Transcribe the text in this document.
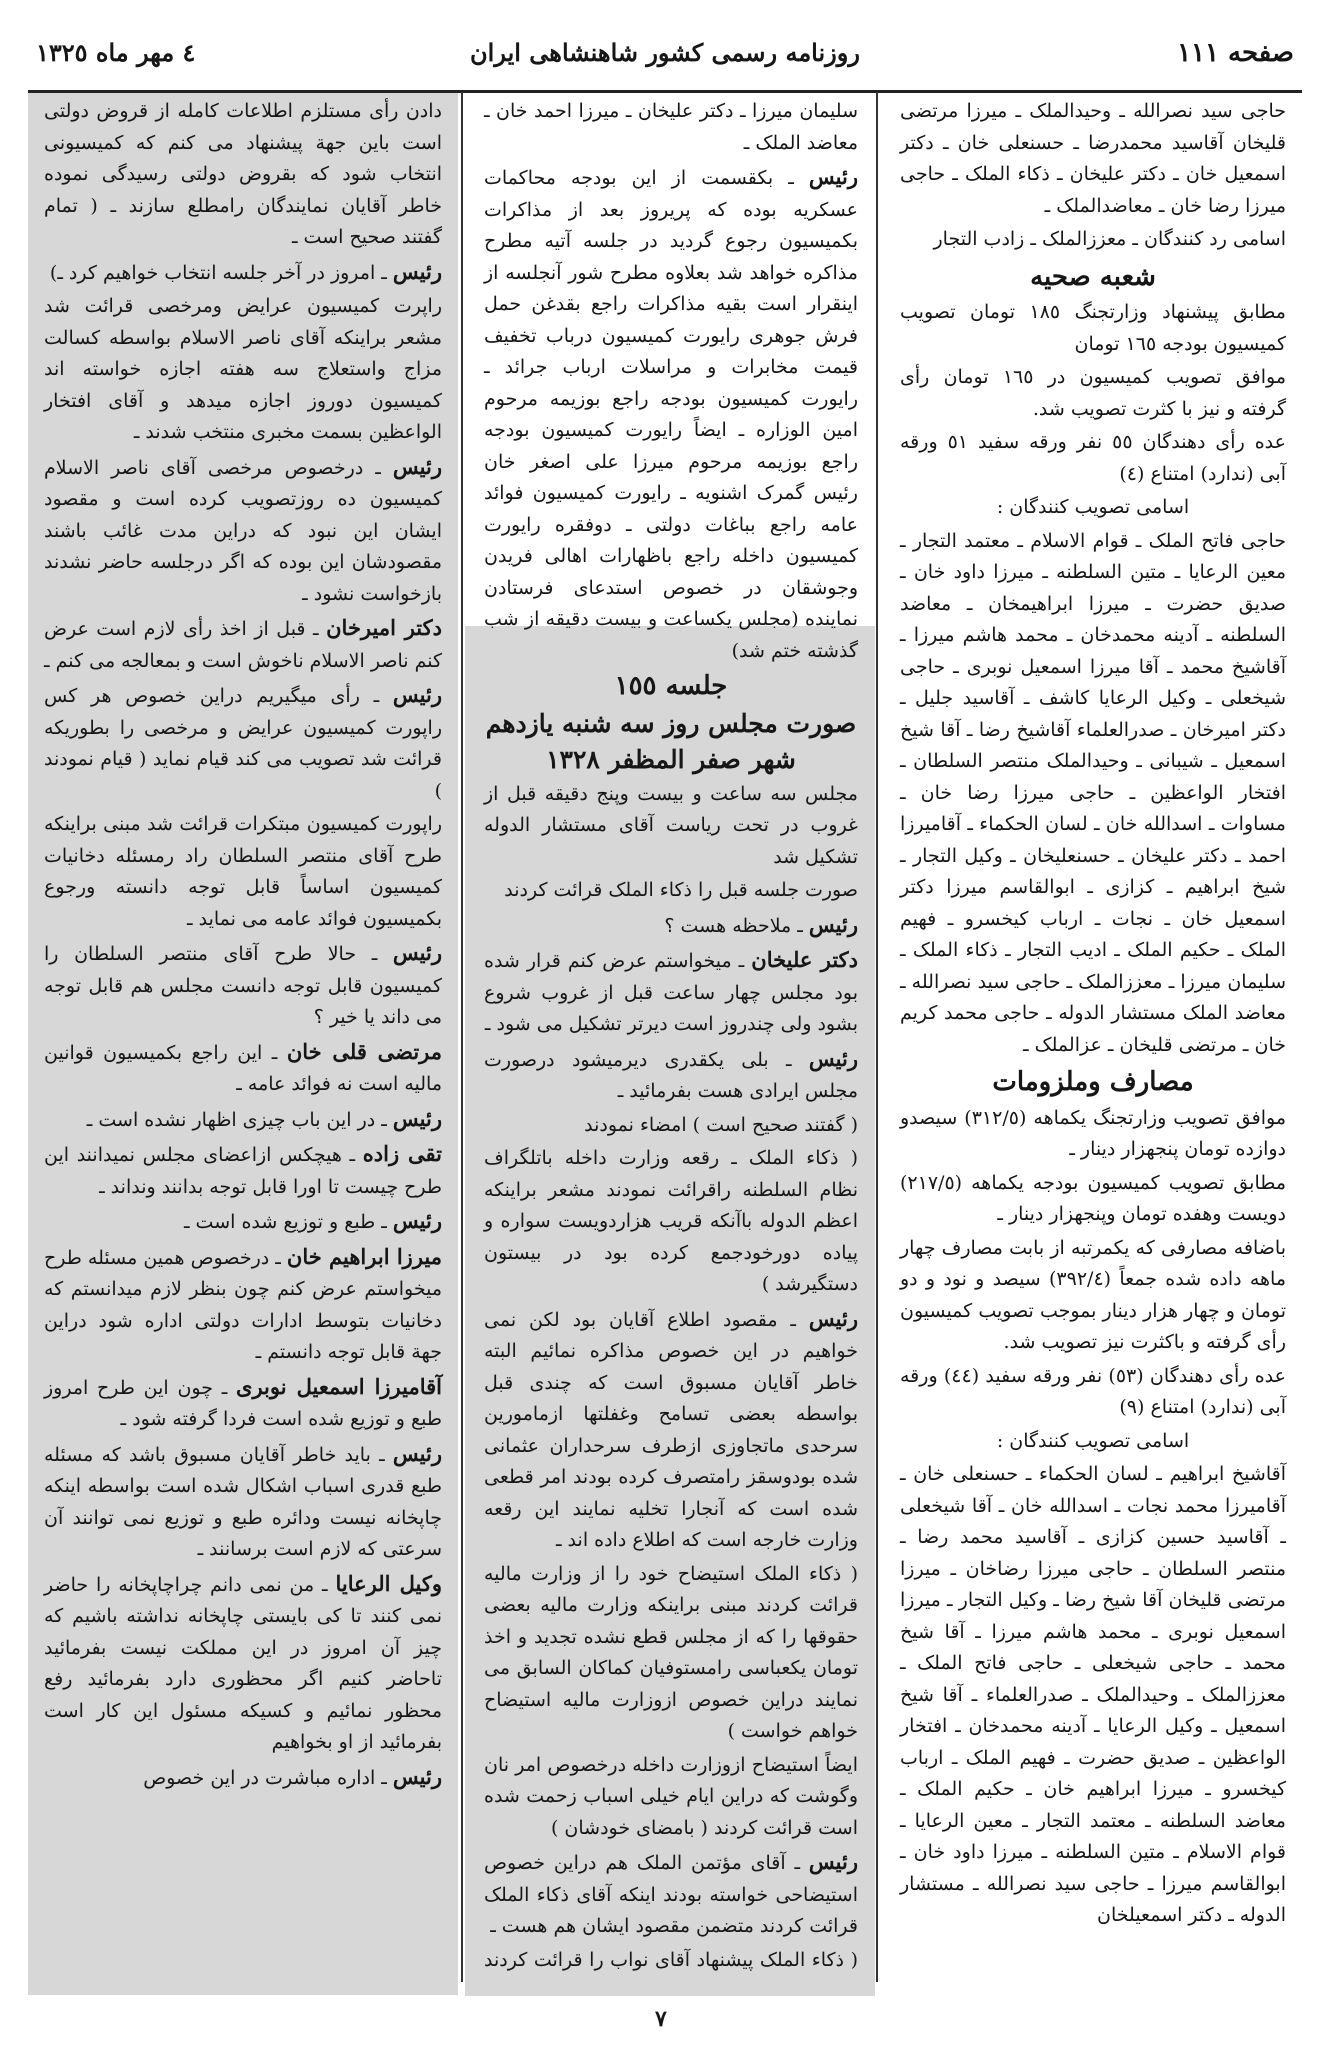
صفحه ١١١
روزنامه رسمی کشور شاهنشاهی ایران
٤ مهر ماه ١٣٢٥

حاجی سید نصرالله ـ وحیدالملک ـ میرزا مرتضی قلیخان آقاسید محمدرضا ـ حسنعلی خان ـ دکتر اسمعیل خان ـ دکتر علیخان ـ ذکاء الملک ـ حاجی میرزا رضا خان ـ معاضدالملک ـ

اسامی رد کنندگان ـ معززالملک ـ زادب التجار

شعبه صحیه

مطابق پیشنهاد وزارتجنگ ١٨٥ تومان تصویب کمیسیون بودجه ١٦٥ تومان

موافق تصویب کمیسیون در ١٦٥ تومان رأی گرفته و نیز با کثرت تصویب شد.

عده رأی دهندگان ٥٥ نفر ورقه سفید ٥١ ورقه آبی (ندارد) امتناع (٤)

اسامی تصویب کنندگان :

حاجی فاتح الملک ـ قوام الاسلام ـ معتمد التجار ـ معین الرعایا ـ متین السلطنه ـ میرزا داود خان ـ صدیق حضرت ـ میرزا ابراهیمخان ـ معاضد السلطنه ـ آدینه محمدخان ـ محمد هاشم میرزا ـ آقاشیخ محمد ـ آقا میرزا اسمعیل نوبری ـ حاجی شیخعلی ـ وکیل الرعایا کاشف ـ آقاسید جلیل ـ دکتر امیرخان ـ صدرالعلماء آقاشیخ رضا ـ آقا شیخ اسمعیل ـ شیبانی ـ وحیدالملک منتصر السلطان ـ افتخار الواعظین ـ حاجی میرزا رضا خان ـ مساوات ـ اسدالله خان ـ لسان الحکماء ـ آقامیرزا احمد ـ دکتر علیخان ـ حسنعلیخان ـ وکیل التجار ـ شیخ ابراهیم ـ کزازی ـ ابوالقاسم میرزا دکتر اسمعیل خان ـ نجات ـ ارباب کیخسرو ـ فهیم الملک ـ حکیم الملک ـ ادیب التجار ـ ذکاء الملک ـ سلیمان میرزا ـ معززالملک ـ حاجی سید نصرالله ـ معاضد الملک مستشار الدوله ـ حاجی محمد کریم خان ـ مرتضی قلیخان ـ عزالملک ـ

مصارف وملزومات

موافق تصویب وزارتجنگ یکماهه (٣١٢/٥) سیصدو دوازده تومان پنجهزار دینار ـ

مطابق تصویب کمیسیون بودجه یکماهه (٢١٧/٥) دویست وهفده تومان وپنجهزار دینار ـ

باضافه مصارفی که یکمرتبه از بابت مصارف چهار ماهه داده شده جمعاً (٣٩٢/٤) سیصد و نود و دو تومان و چهار هزار دینار بموجب تصویب کمیسیون رأی گرفته و باکثرت نیز تصویب شد.

عده رأی دهندگان (٥٣) نفر ورقه سفید (٤٤) ورقه آبی (ندارد) امتناع (٩)

اسامی تصویب کنندگان :

آقاشیخ ابراهیم ـ لسان الحکماء ـ حسنعلی خان ـ آقامیرزا محمد نجات ـ اسدالله خان ـ آقا شیخعلی ـ آقاسید حسین کزازی ـ آقاسید محمد رضا ـ منتصر السلطان ـ حاجی میرزا رضاخان ـ میرزا مرتضی قلیخان آقا شیخ رضا ـ وکیل التجار ـ میرزا اسمعیل نوبری ـ محمد هاشم میرزا ـ آقا شیخ محمد ـ حاجی شیخعلی ـ حاجی فاتح الملک ـ معززالملک ـ وحیدالملک ـ صدرالعلماء ـ آقا شیخ اسمعیل ـ وکیل الرعایا ـ آدینه محمدخان ـ افتخار الواعظین ـ صدیق حضرت ـ فهیم الملک ـ ارباب کیخسرو ـ میرزا ابراهیم خان ـ حکیم الملک ـ معاضد السلطنه ـ معتمد التجار ـ معین الرعایا ـ قوام الاسلام ـ متین السلطنه ـ میرزا داود خان ـ ابوالقاسم میرزا ـ حاجی سید نصرالله ـ مستشار الدوله ـ دکتر اسمعیلخان

سلیمان میرزا ـ دکتر علیخان ـ میرزا احمد خان ـ معاضد الملک ـ

رئیس ـ بکقسمت از این بودجه محاکمات عسکریه بوده که پریروز بعد از مذاکرات بکمیسیون رجوع گردید در جلسه آتیه مطرح مذاکره خواهد شد بعلاوه مطرح شور آنجلسه از اینقرار است بقیه مذاکرات راجع بقدغن حمل فرش جوهری رایورت کمیسیون درباب تخفیف قیمت مخابرات و مراسلات ارباب جرائد ـ رایورت کمیسیون بودجه راجع بوزیمه مرحوم امین الوزاره ـ ایضاً رایورت کمیسیون بودجه راجع بوزیمه مرحوم میرزا علی اصغر خان رئیس گمرک اشنویه ـ رایورت کمیسیون فوائد عامه راجع بباغات دولتی ـ دوفقره رایورت کمیسیون داخله راجع باظهارات اهالی فریدن وجوشقان در خصوص استدعای فرستادن نماینده (مجلس یکساعت و بیست دقیقه از شب گذشته ختم شد)

جلسه ١٥٥
صورت مجلس روز سه شنبه یازدهم
شهر صفر المظفر ١٣٢٨

مجلس سه ساعت و بیست وپنج دقیقه قبل از غروب در تحت ریاست آقای مستشار الدوله تشکیل شد

صورت جلسه قبل را ذکاء الملک قرائت کردند

رئیس ـ ملاحظه هست ؟

دکتر علیخان ـ میخواستم عرض کنم قرار شده بود مجلس چهار ساعت قبل از غروب شروع بشود ولی چندروز است دیرتر تشکیل می شود ـ

رئیس ـ بلی یکقدری دیرمیشود درصورت مجلس ایرادی هست بفرمائید ـ

( گفتند صحیح است ) امضاء نمودند

( ذکاء الملک ـ رقعه وزارت داخله باتلگراف نظام السلطنه راقرائت نمودند مشعر براینکه اعظم الدوله باآنکه قریب هزاردویست سواره و پیاده دورخودجمع کرده بود در بیستون دستگیرشد )

رئیس ـ مقصود اطلاع آقایان بود لکن نمی خواهیم در این خصوص مذاکره نمائیم البته خاطر آقایان مسبوق است که چندی قبل بواسطه بعضی تسامح وغفلتها ازمامورین سرحدی ماتجاوزی ازطرف سرحداران عثمانی شده بودوسقز رامتصرف کرده بودند امر قطعی شده است که آنجارا تخلیه نمایند این رقعه وزارت خارجه است که اطلاع داده اند ـ

( ذکاء الملک استیضاح خود را از وزارت مالیه قرائت کردند مبنی براینکه وزارت مالیه بعضی حقوقها را که از مجلس قطع نشده تجدید و اخذ تومان یکعباسی رامستوفیان کماکان السابق می نمایند دراین خصوص ازوزارت مالیه استیضاح خواهم خواست )

ایضاً استیضاح ازوزارت داخله درخصوص امر نان وگوشت که دراین ایام خیلی اسباب زحمت شده است قرائت کردند ( بامضای خودشان )

رئیس ـ آقای مؤتمن الملک هم دراین خصوص استیضاحی خواسته بودند اینکه آقای ذکاء الملک قرائت کردند متضمن مقصود ایشان هم هست ـ

( ذکاء الملک پیشنهاد آقای نواب را قرائت کردند

دادن رأی مستلزم اطلاعات کامله از قروض دولتی است باین جهة پیشنهاد می کنم که کمیسیونی انتخاب شود که بقروض دولتی رسیدگی نموده خاطر آقایان نمایندگان رامطلع سازند ـ ( تمام گفتند صحیح است ـ

رئیس ـ امروز در آخر جلسه انتخاب خواهیم کرد ـ)

راپرت کمیسیون عرایض ومرخصی قرائت شد مشعر براینکه آقای ناصر الاسلام بواسطه کسالت مزاج واستعلاج سه هفته اجازه خواسته اند کمیسیون دوروز اجازه میدهد و آقای افتخار الواعظین بسمت مخبری منتخب شدند ـ

رئیس ـ درخصوص مرخصی آقای ناصر الاسلام کمیسیون ده روزتصویب کرده است و مقصود ایشان این نبود که دراین مدت غائب باشند مقصودشان این بوده که اگر درجلسه حاضر نشدند بازخواست نشود ـ

دکتر امیرخان ـ قبل از اخذ رأی لازم است عرض کنم ناصر الاسلام ناخوش است و بمعالجه می کنم ـ

رئیس ـ رأی میگیریم دراین خصوص هر کس راپورت کمیسیون عرایض و مرخصی را بطوریکه قرائت شد تصویب می کند قیام نماید ( قیام نمودند )

راپورت کمیسیون مبتکرات قرائت شد مبنی براینکه طرح آقای منتصر السلطان راد رمسئله دخانیات کمیسیون اساساً قابل توجه دانسته ورجوع بکمیسیون فوائد عامه می نماید ـ

رئیس ـ حالا طرح آقای منتصر السلطان را کمیسیون قابل توجه دانست مجلس هم قابل توجه می داند یا خیر ؟

مرتضی قلی خان ـ این راجع بکمیسیون قوانین مالیه است نه فوائد عامه ـ

رئیس ـ در این باب چیزی اظهار نشده است ـ

تقی زاده ـ هیچکس ازاعضای مجلس نمیدانند این طرح چیست تا اورا قابل توجه بدانند ونداند ـ

رئیس ـ طبع و توزیع شده است ـ

میرزا ابراهیم خان ـ درخصوص همین مسئله طرح میخواستم عرض کنم چون بنظر لازم میدانستم که دخانیات بتوسط ادارات دولتی اداره شود دراین جهة قابل توجه دانستم ـ

آقامیرزا اسمعیل نوبری ـ چون این طرح امروز طبع و توزیع شده است فردا گرفته شود ـ

رئیس ـ باید خاطر آقایان مسبوق باشد که مسئله طبع قدری اسباب اشکال شده است بواسطه اینکه چاپخانه نیست ودائره طبع و توزیع نمی توانند آن سرعتی که لازم است برسانند ـ

وکیل الرعایا ـ من نمی دانم چراچاپخانه را حاضر نمی کنند تا کی بایستی چاپخانه نداشته باشیم که چیز آن امروز در این مملکت نیست بفرمائید تاحاضر کنیم اگر محظوری دارد بفرمائید رفع محظور نمائیم و کسیکه مسئول این کار است بفرمائید از او بخواهیم

رئیس ـ اداره مباشرت در این خصوص

٧
